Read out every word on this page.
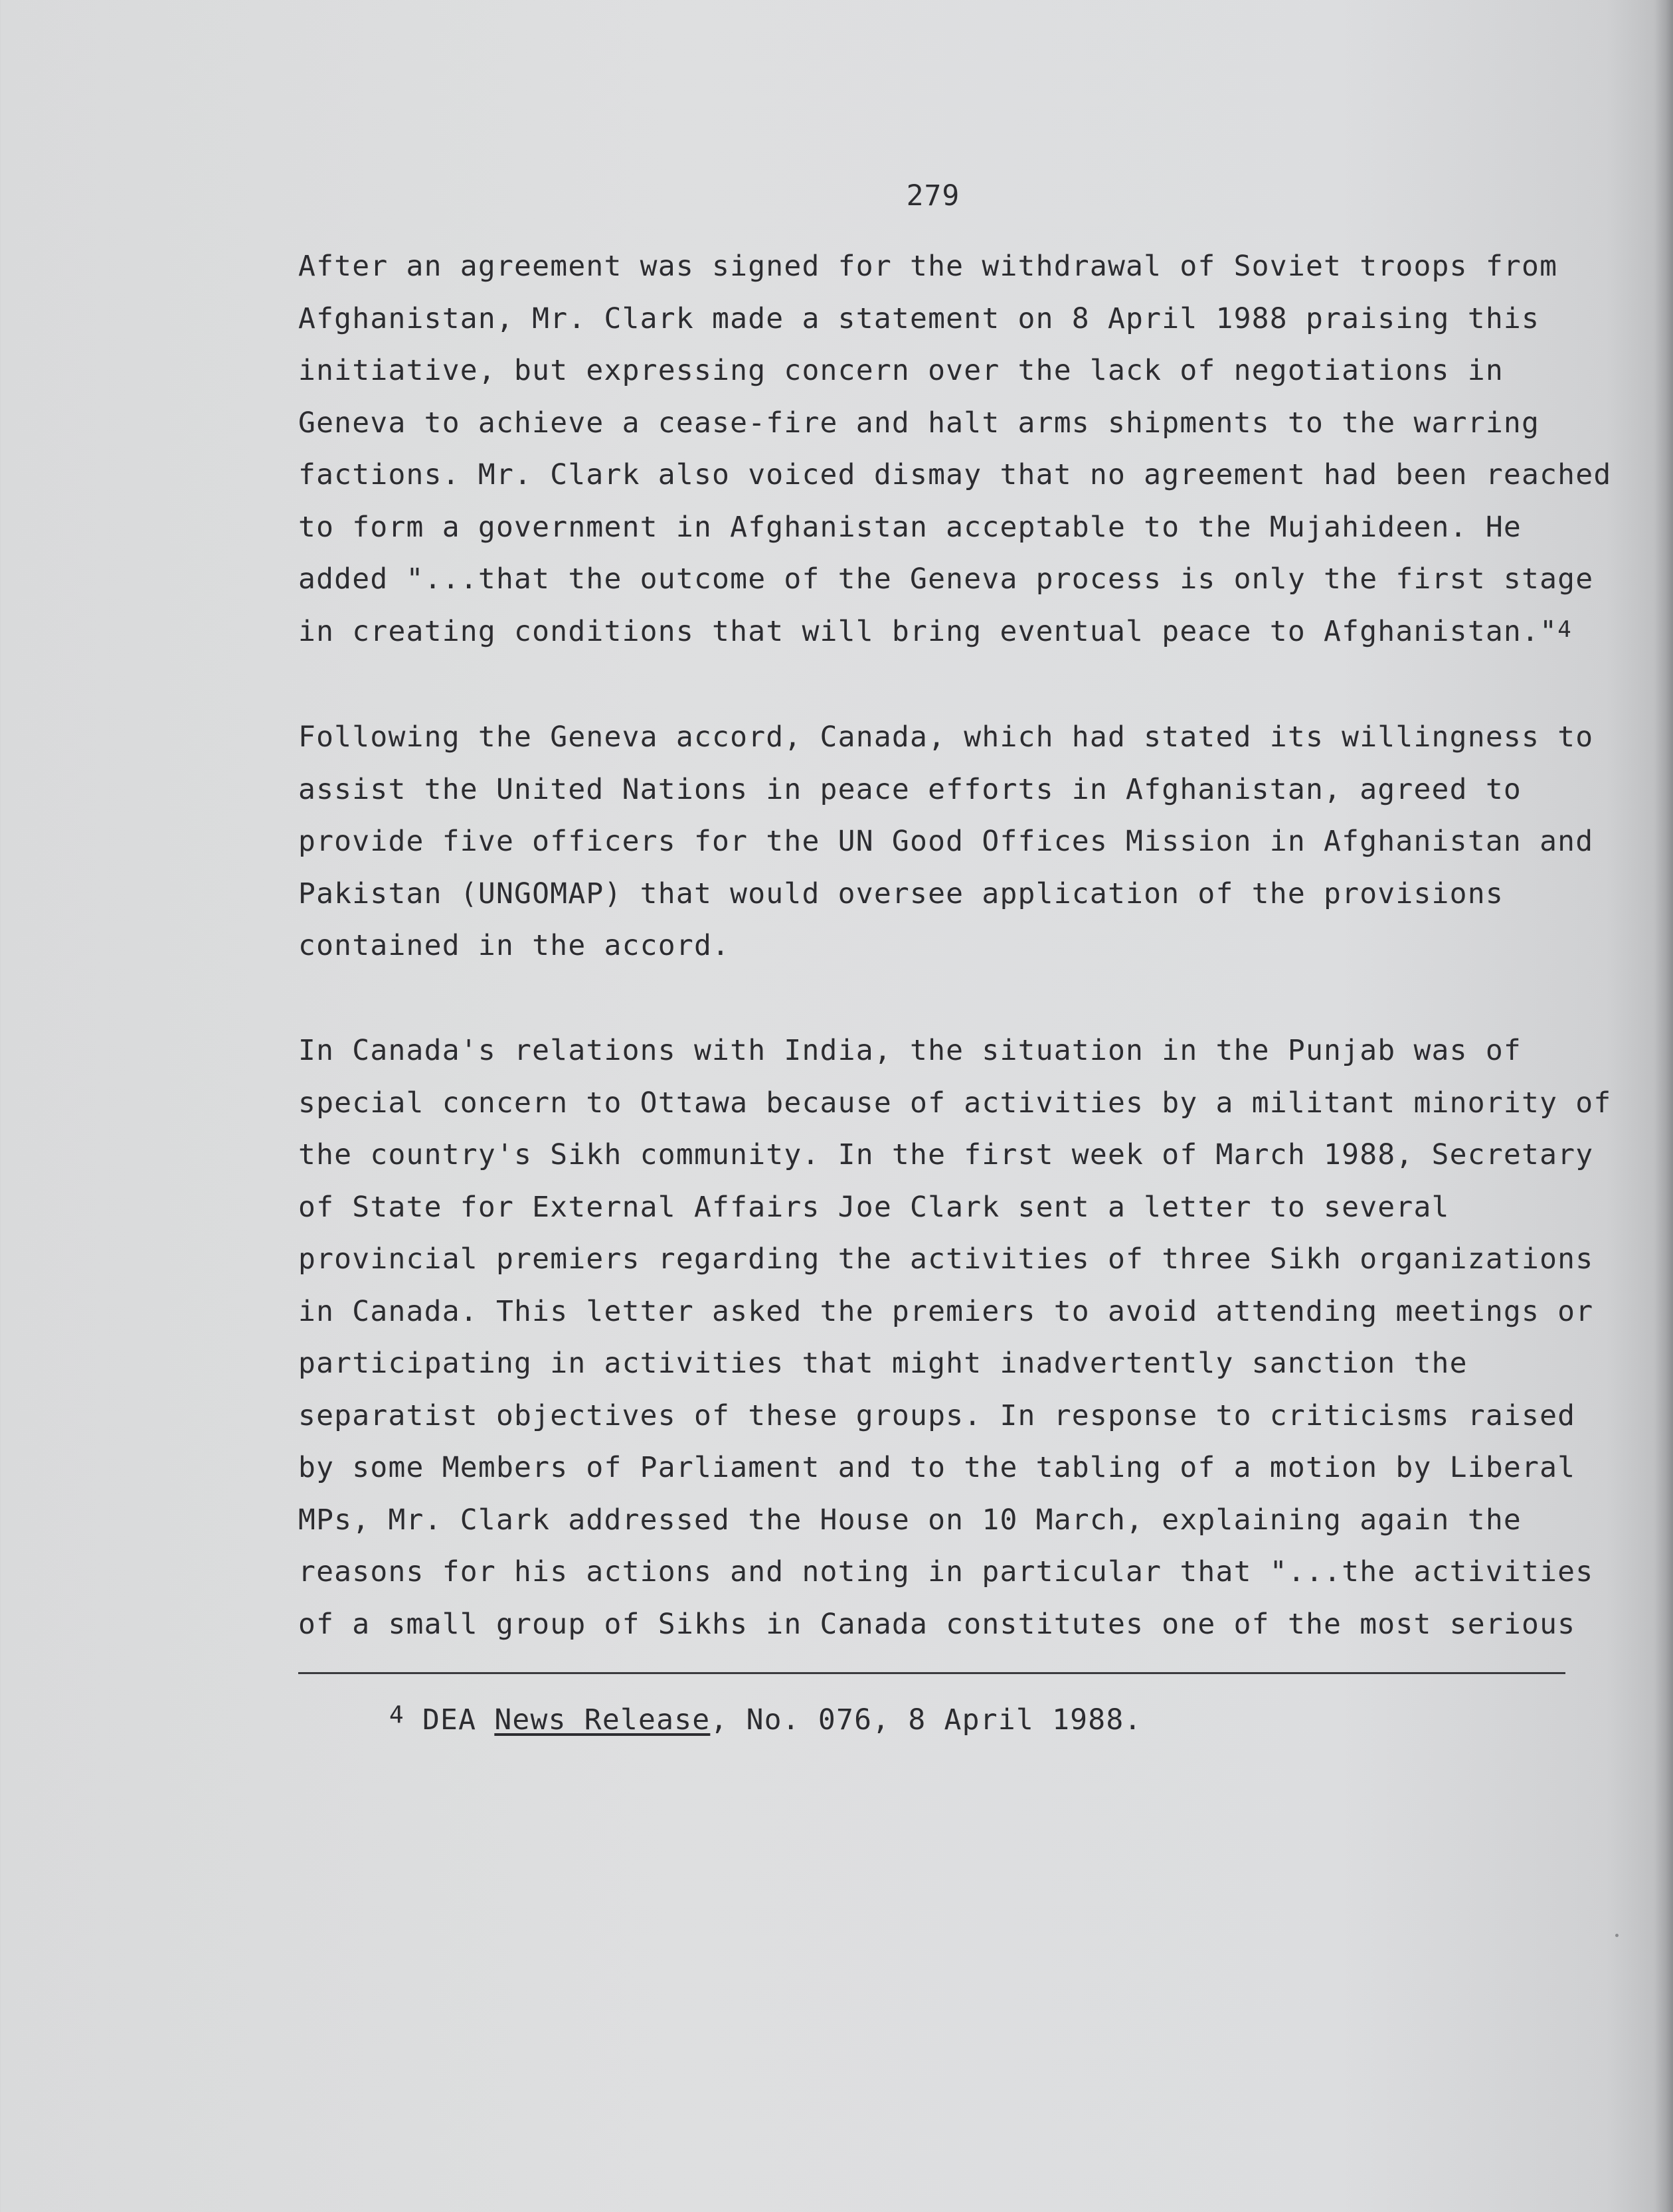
279

After an agreement was signed for the withdrawal of Soviet troops from
Afghanistan, Mr. Clark made a statement on 8 April 1988 praising this
initiative, but expressing concern over the lack of negotiations in
Geneva to achieve a cease-fire and halt arms shipments to the warring
factions. Mr. Clark also voiced dismay that no agreement had been reached
to form a government in Afghanistan acceptable to the Mujahideen. He
added "...that the outcome of the Geneva process is only the first stage
in creating conditions that will bring eventual peace to Afghanistan."$^4$

Following the Geneva accord, Canada, which had stated its willingness to
assist the United Nations in peace efforts in Afghanistan, agreed to
provide five officers for the UN Good Offices Mission in Afghanistan and
Pakistan (UNGOMAP) that would oversee application of the provisions
contained in the accord.

In Canada's relations with India, the situation in the Punjab was of
special concern to Ottawa because of activities by a militant minority of
the country's Sikh community. In the first week of March 1988, Secretary
of State for External Affairs Joe Clark sent a letter to several
provincial premiers regarding the activities of three Sikh organizations
in Canada. This letter asked the premiers to avoid attending meetings or
participating in activities that might inadvertently sanction the
separatist objectives of these groups. In response to criticisms raised
by some Members of Parliament and to the tabling of a motion by Liberal
MPs, Mr. Clark addressed the House on 10 March, explaining again the
reasons for his actions and noting in particular that "...the activities
of a small group of Sikhs in Canada constitutes one of the most serious

$^4$ DEA News Release, No. 076, 8 April 1988.
